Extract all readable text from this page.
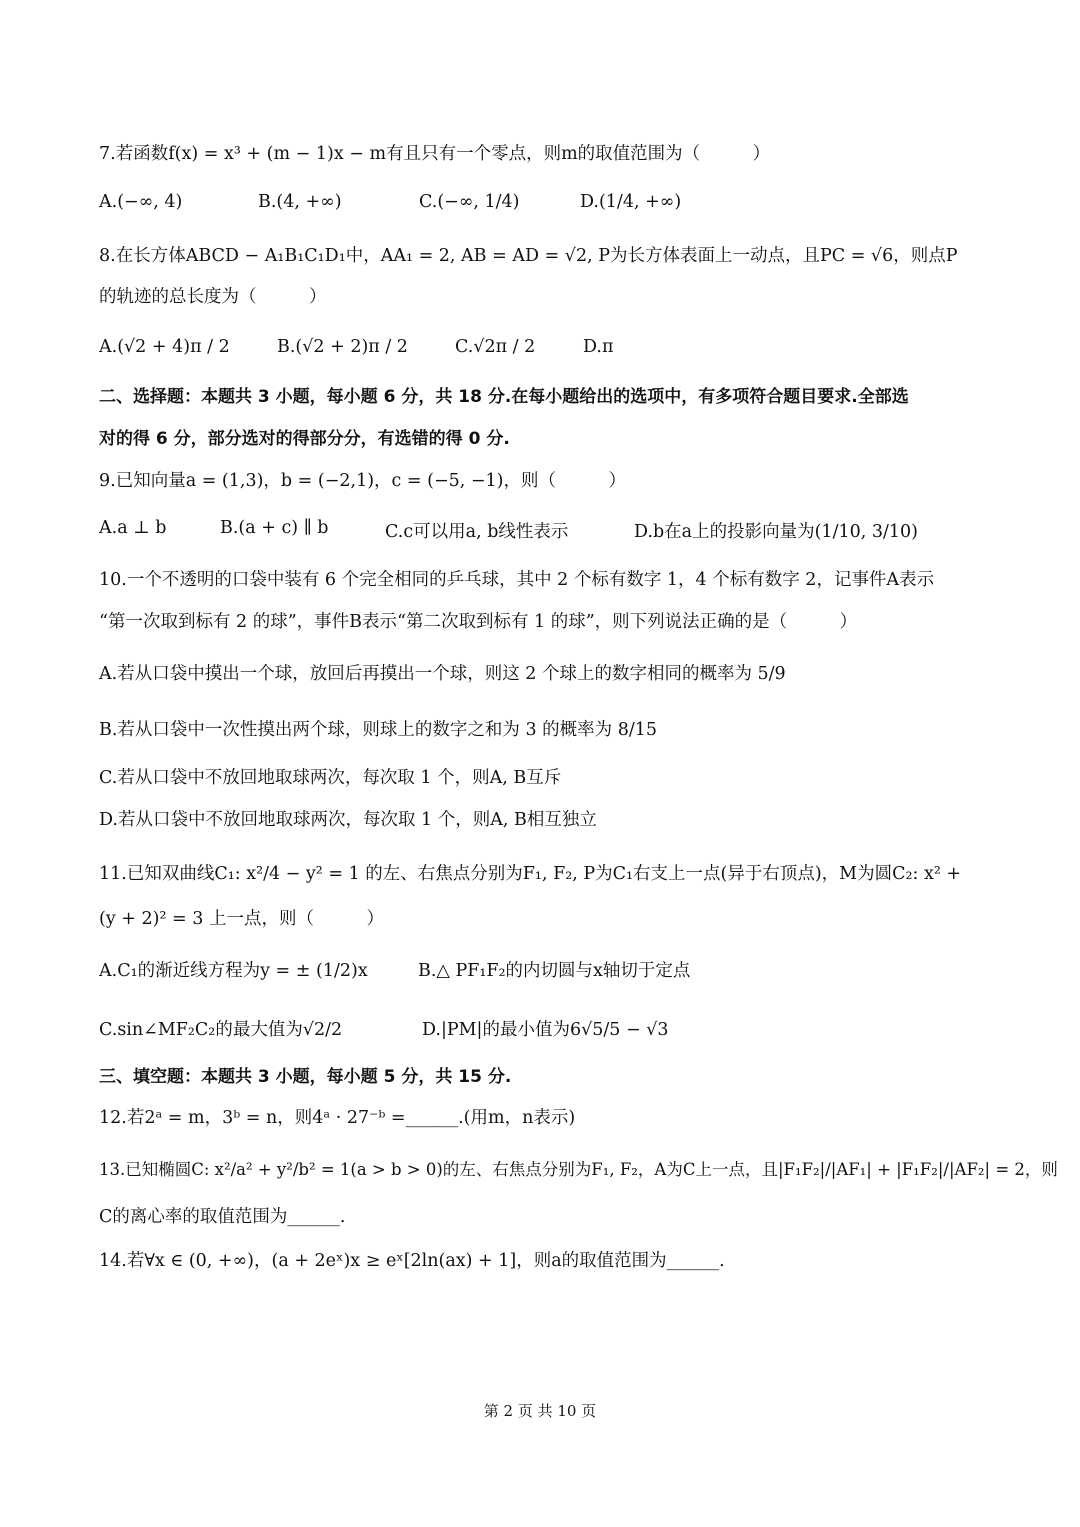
7.若函数f(x) = x³ + (m − 1)x − m有且只有一个零点，则m的取值范围为（　　　）
A.(−∞, 4)	B.(4, +∞)	C.(−∞, 1/4)	D.(1/4, +∞)
8.在长方体ABCD − A₁B₁C₁D₁中，AA₁ = 2, AB = AD = √2, P为长方体表面上一动点，且PC = √6，则点P
的轨迹的总长度为（　　　）
A.(√2 + 4)π / 2	B.(√2 + 2)π / 2	C.√2π / 2	D.π
二、选择题：本题共 3 小题，每小题 6 分，共 18 分.在每小题给出的选项中，有多项符合题目要求.全部选
对的得 6 分，部分选对的得部分分，有选错的得 0 分.
9.已知向量a = (1,3)，b = (−2,1)，c = (−5, −1)，则（　　　）
A.a ⊥ b	B.(a + c) ∥ b	C.c可以用a, b线性表示	D.b在a上的投影向量为(1/10, 3/10)
10.一个不透明的口袋中装有 6 个完全相同的乒乓球，其中 2 个标有数字 1，4 个标有数字 2，记事件A表示
“第一次取到标有 2 的球”，事件B表示“第二次取到标有 1 的球”，则下列说法正确的是（　　　）
A.若从口袋中摸出一个球，放回后再摸出一个球，则这 2 个球上的数字相同的概率为 5/9
B.若从口袋中一次性摸出两个球，则球上的数字之和为 3 的概率为 8/15
C.若从口袋中不放回地取球两次，每次取 1 个，则A, B互斥
D.若从口袋中不放回地取球两次，每次取 1 个，则A, B相互独立
11.已知双曲线C₁: x²/4 − y² = 1 的左、右焦点分别为F₁, F₂, P为C₁右支上一点(异于右顶点)，M为圆C₂: x² +
(y + 2)² = 3 上一点，则（　　　）
A.C₁的渐近线方程为y = ± (1/2)x	B.△ PF₁F₂的内切圆与x轴切于定点
C.sin∠MF₂C₂的最大值为√2/2	D.|PM|的最小值为6√5/5 − √3
三、填空题：本题共 3 小题，每小题 5 分，共 15 分.
12.若2ᵃ = m，3ᵇ = n，则4ᵃ · 27⁻ᵇ =______.(用m，n表示)
13.已知椭圆C: x²/a² + y²/b² = 1(a > b > 0)的左、右焦点分别为F₁, F₂，A为C上一点，且|F₁F₂|/|AF₁| + |F₁F₂|/|AF₂| = 2，则
C的离心率的取值范围为______.
14.若∀x ∈ (0, +∞)，(a + 2eˣ)x ≥ eˣ[2ln(ax) + 1]，则a的取值范围为______.
第 2 页 共 10 页
